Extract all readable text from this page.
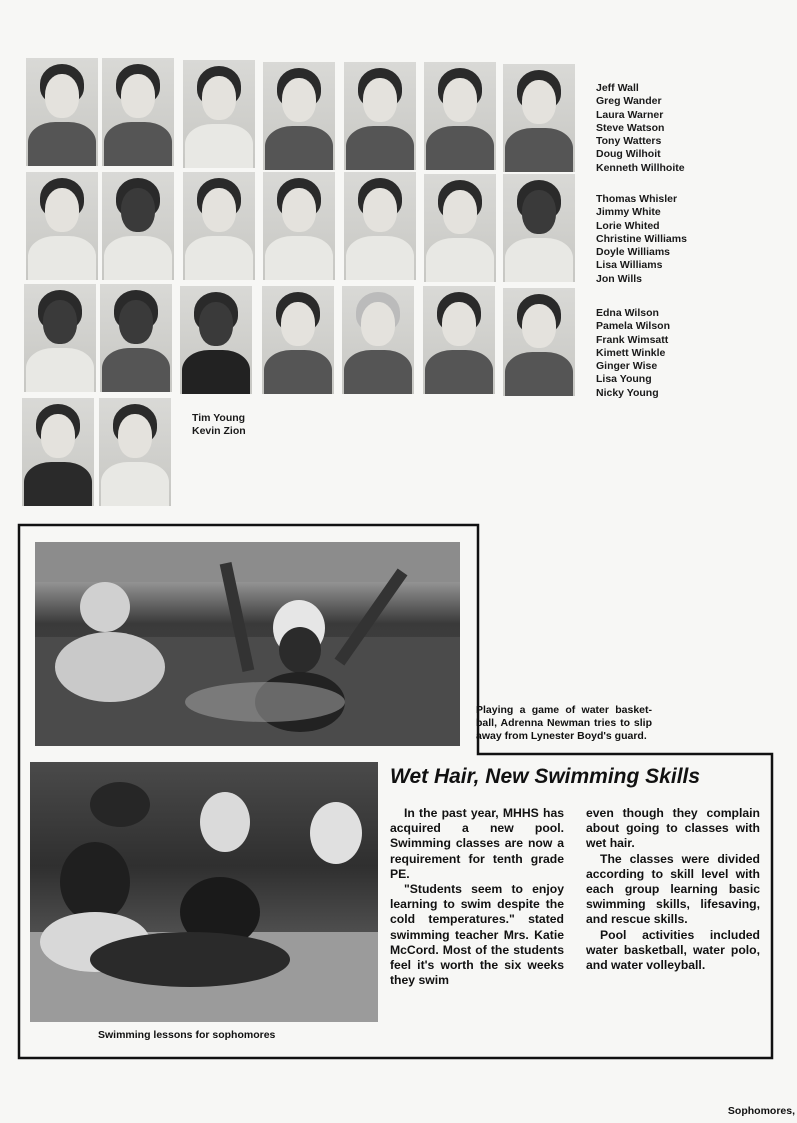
Jeff Wall
Greg Wander
Laura Warner
Steve Watson
Tony Watters
Doug Wilhoit
Kenneth Willhoite
Thomas Whisler
Jimmy White
Lorie Whited
Christine Williams
Doyle Williams
Lisa Williams
Jon Wills
Edna Wilson
Pamela Wilson
Frank Wimsatt
Kimett Winkle
Ginger Wise
Lisa Young
Nicky Young
Tim Young
Kevin Zion
Playing a game of water basket-ball, Adrenna Newman tries to slip away from Lynester Boyd's guard.
Swimming lessons for sophomores
Wet Hair, New Swimming Skills

In the past year, MHHS has acquired a new pool. Swimming classes are now a requirement for tenth grade PE.

"Students seem to enjoy learning to swim despite the cold temperatures." stated swimming teacher Mrs. Katie McCord. Most of the students feel it's worth the six weeks they swim

even though they complain about going to classes with wet hair.

The classes were divided according to skill level with each group learning basic swimming skills, lifesaving, and rescue skills.

Pool activities included water basketball, water polo, and water volleyball.

Sophomores,
